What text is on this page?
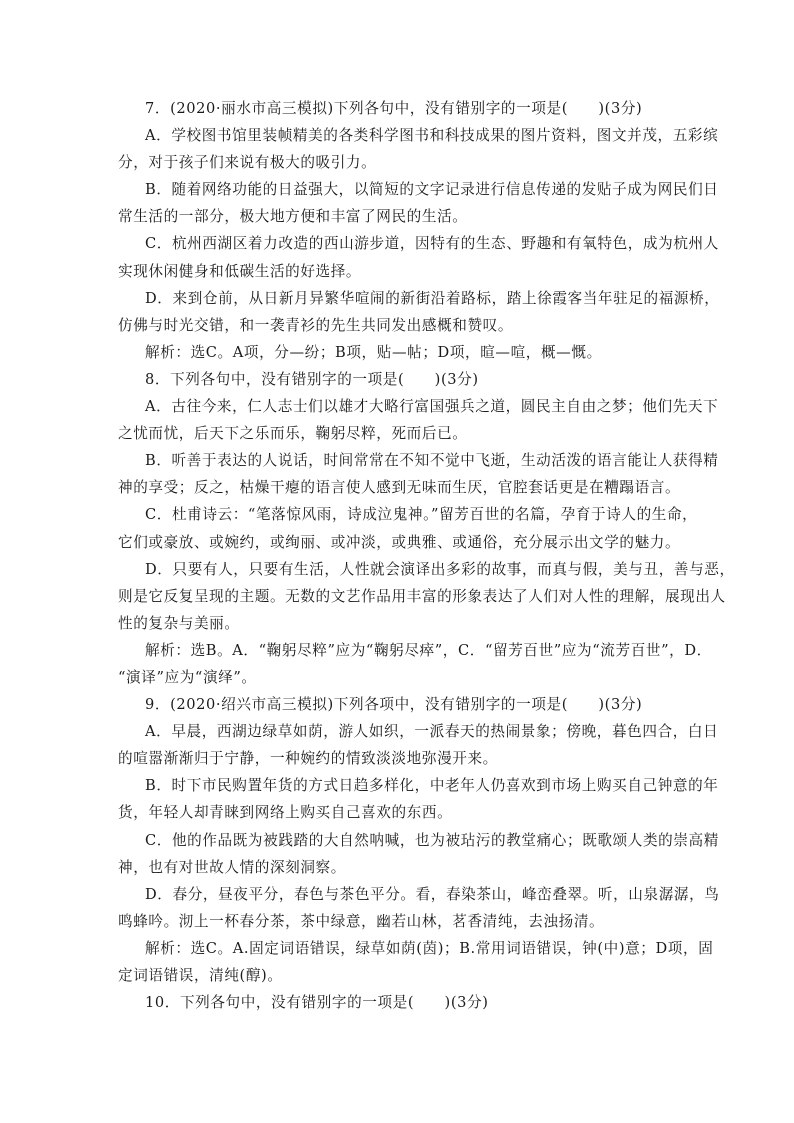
7．(2020·丽水市高三模拟)下列各句中，没有错别字的一项是(　　)(3分)
A．学校图书馆里装帧精美的各类科学图书和科技成果的图片资料，图文并茂，五彩缤
分，对于孩子们来说有极大的吸引力。
B．随着网络功能的日益强大，以简短的文字记录进行信息传递的发贴子成为网民们日
常生活的一部分，极大地方便和丰富了网民的生活。
C．杭州西湖区着力改造的西山游步道，因特有的生态、野趣和有氧特色，成为杭州人
实现休闲健身和低碳生活的好选择。
D．来到仓前，从日新月异繁华喧闹的新街沿着路标，踏上徐霞客当年驻足的福源桥，
仿佛与时光交错，和一袭青衫的先生共同发出感概和赞叹。
解析：选C。A项，分—纷；B项，贴—帖；D项，暄—喧，概—慨。
8．下列各句中，没有错别字的一项是(　　)(3分)
A．古往今来，仁人志士们以雄才大略行富国强兵之道，圆民主自由之梦；他们先天下
之忧而忧，后天下之乐而乐，鞠躬尽粹，死而后已。
B．听善于表达的人说话，时间常常在不知不觉中飞逝，生动活泼的语言能让人获得精
神的享受；反之，枯燥干瘪的语言使人感到无味而生厌，官腔套话更是在糟蹋语言。
C．杜甫诗云：“笔落惊风雨，诗成泣鬼神。”留芳百世的名篇，孕育于诗人的生命，
它们或豪放、或婉约，或绚丽、或冲淡，或典雅、或通俗，充分展示出文学的魅力。
D．只要有人，只要有生活，人性就会演译出多彩的故事，而真与假，美与丑，善与恶，
则是它反复呈现的主题。无数的文艺作品用丰富的形象表达了人们对人性的理解，展现出人
性的复杂与美丽。
解析：选B。A．“鞠躬尽粹”应为“鞠躬尽瘁”，C．“留芳百世”应为“流芳百世”，D．
“演译”应为“演绎”。
9．(2020·绍兴市高三模拟)下列各项中，没有错别字的一项是(　　)(3分)
A．早晨，西湖边绿草如荫，游人如织，一派春天的热闹景象；傍晚，暮色四合，白日
的喧嚣渐渐归于宁静，一种婉约的情致淡淡地弥漫开来。
B．时下市民购置年货的方式日趋多样化，中老年人仍喜欢到市场上购买自己钟意的年
货，年轻人却青睐到网络上购买自己喜欢的东西。
C．他的作品既为被践踏的大自然呐喊，也为被玷污的教堂痛心；既歌颂人类的崇高精
神，也有对世故人情的深刻洞察。
D．春分，昼夜平分，春色与茶色平分。看，春染茶山，峰峦叠翠。听，山泉潺潺，鸟
鸣蜂吟。沏上一杯春分茶，茶中绿意，幽若山林，茗香清纯，去浊扬清。
解析：选C。A.固定词语错误，绿草如荫(茵)；B.常用词语错误，钟(中)意；D项，固
定词语错误，清纯(醇)。
10．下列各句中，没有错别字的一项是(　　)(3分)
